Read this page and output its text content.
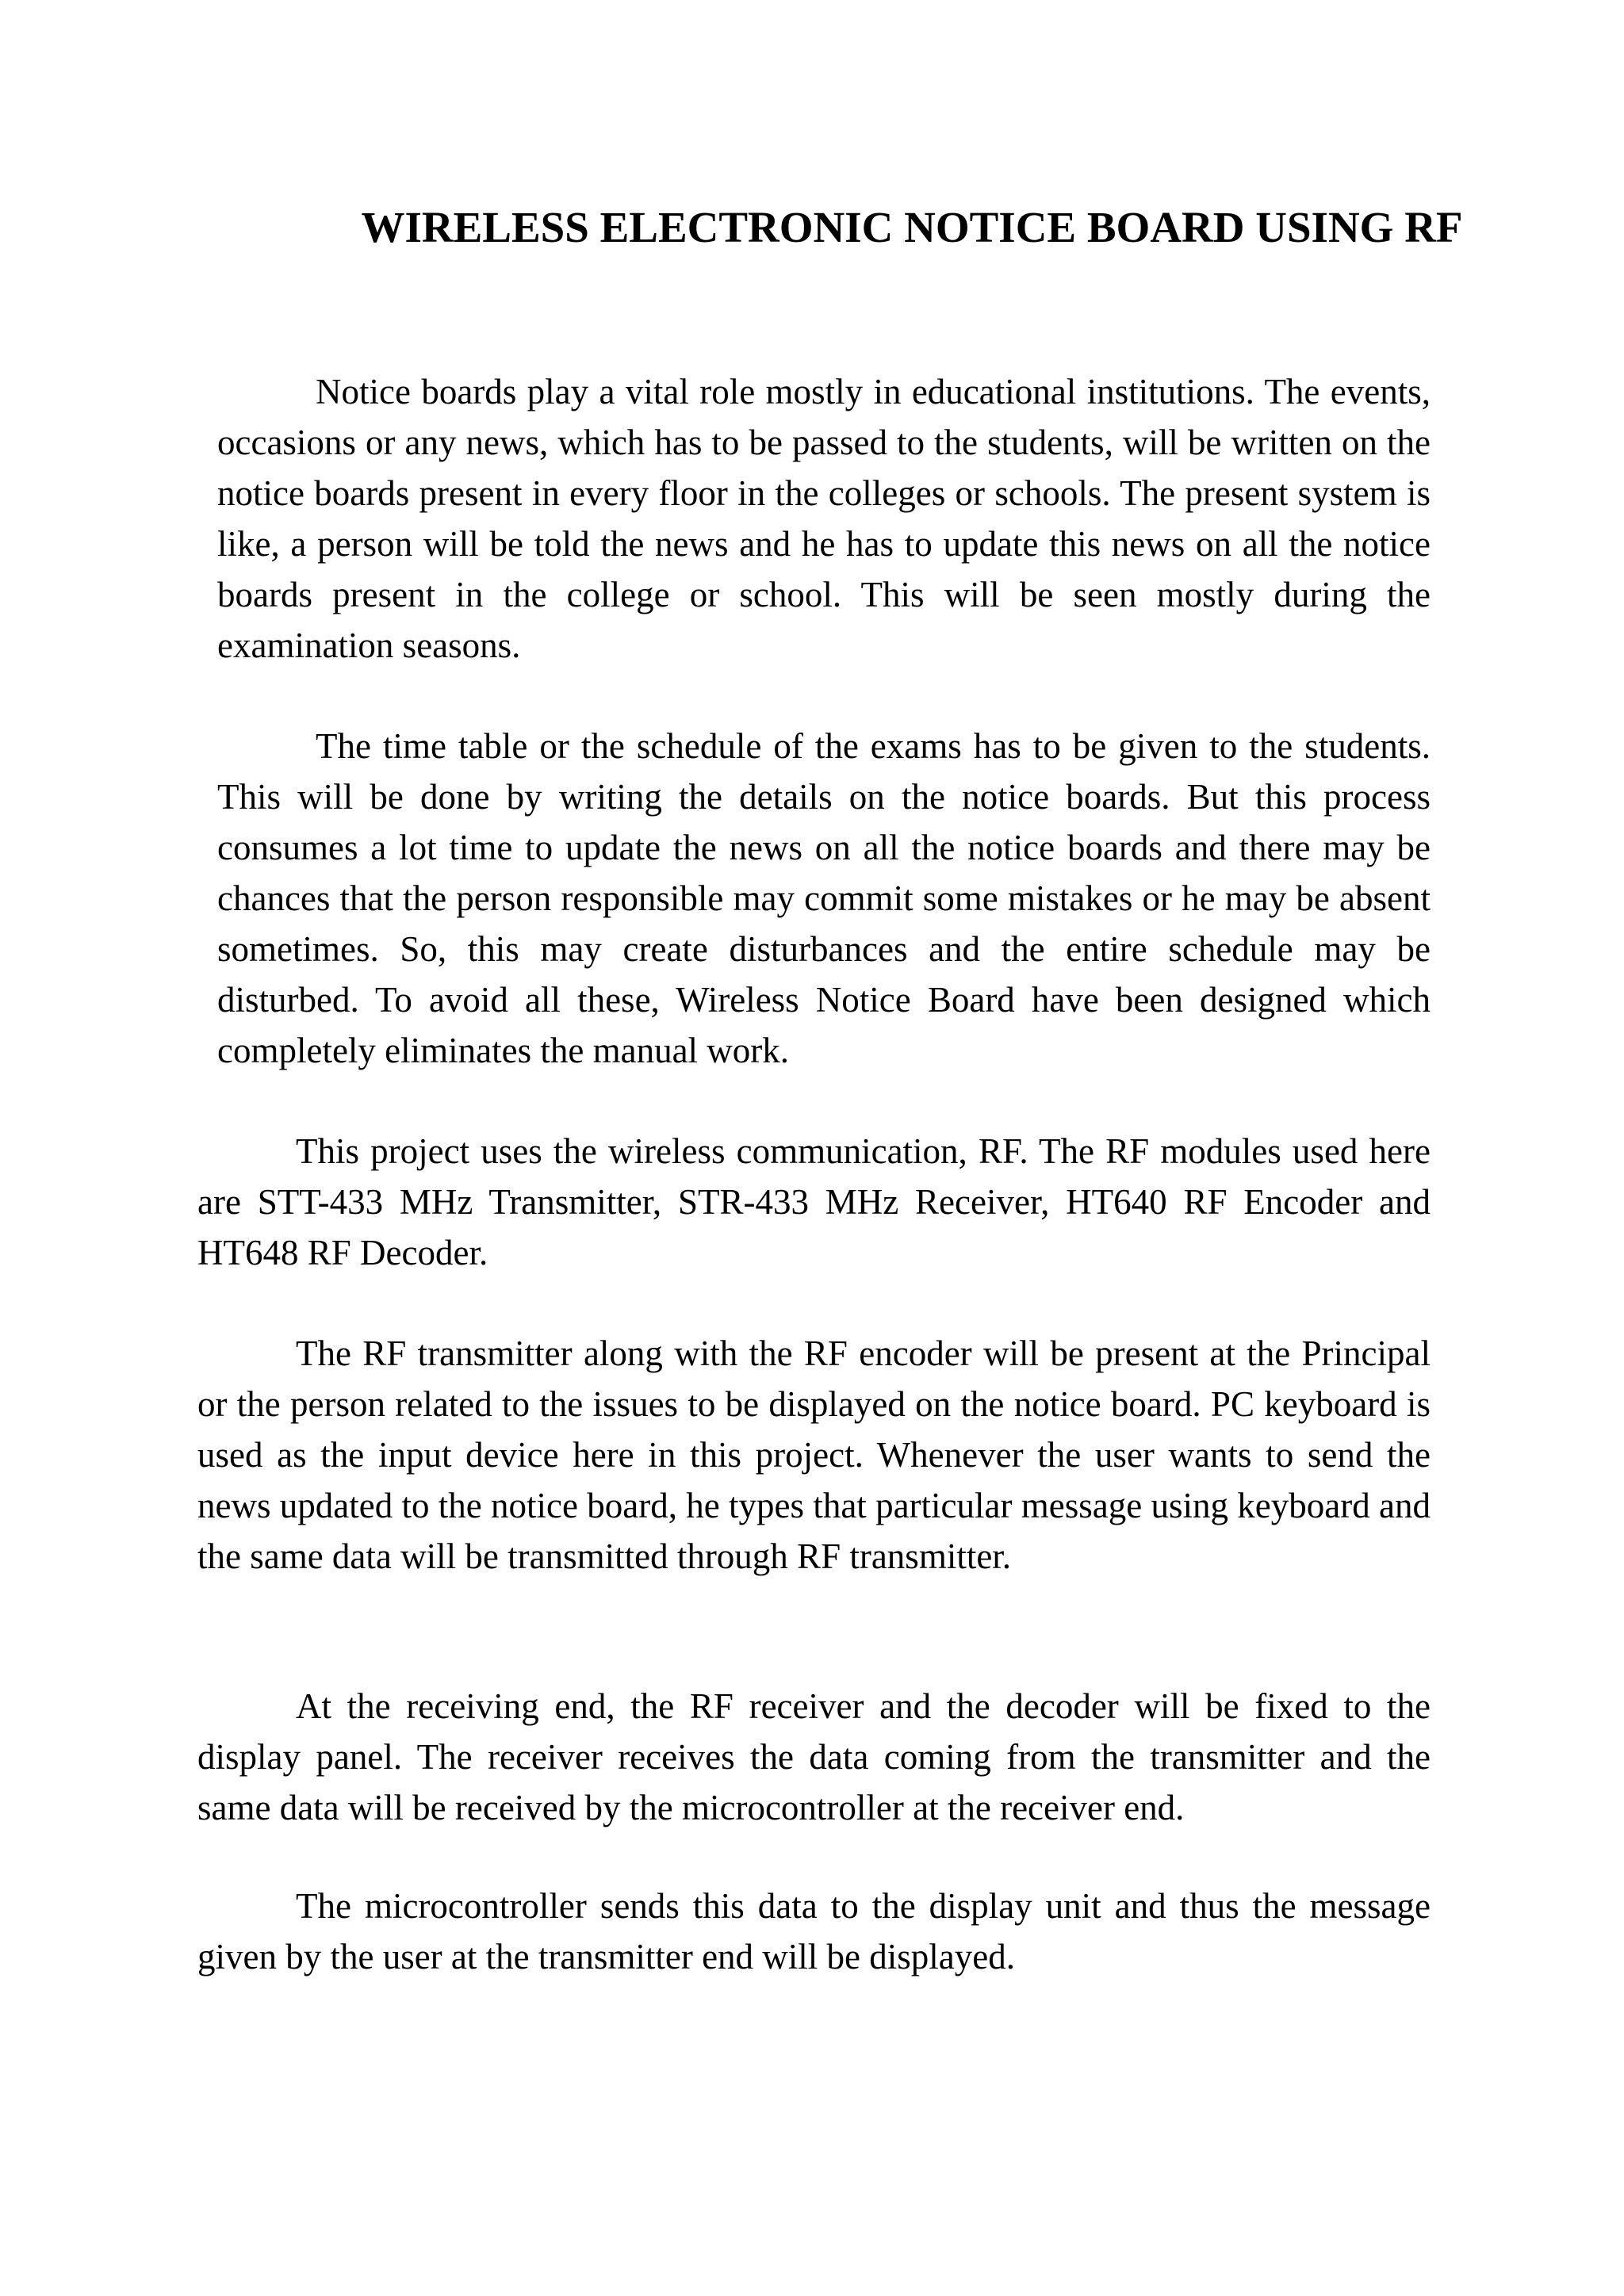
WIRELESS ELECTRONIC NOTICE BOARD USING RF

Notice boards play a vital role mostly in educational institutions. The events, occasions or any news, which has to be passed to the students, will be written on the notice boards present in every floor in the colleges or schools. The present system is like, a person will be told the news and he has to update this news on all the notice boards present in the college or school. This will be seen mostly during the examination seasons.

The time table or the schedule of the exams has to be given to the students. This will be done by writing the details on the notice boards. But this process consumes a lot time to update the news on all the notice boards and there may be chances that the person responsible may commit some mistakes or he may be absent sometimes. So, this may create disturbances and the entire schedule may be disturbed. To avoid all these, Wireless Notice Board have been designed which completely eliminates the manual work.

This project uses the wireless communication, RF. The RF modules used here are STT-433 MHz Transmitter, STR-433 MHz Receiver, HT640 RF Encoder and HT648 RF Decoder.

The RF transmitter along with the RF encoder will be present at the Principal or the person related to the issues to be displayed on the notice board. PC keyboard is used as the input device here in this project. Whenever the user wants to send the news updated to the notice board, he types that particular message using keyboard and the same data will be transmitted through RF transmitter.

At the receiving end, the RF receiver and the decoder will be fixed to the display panel. The receiver receives the data coming from the transmitter and the same data will be received by the microcontroller at the receiver end.

The microcontroller sends this data to the display unit and thus the message given by the user at the transmitter end will be displayed.
